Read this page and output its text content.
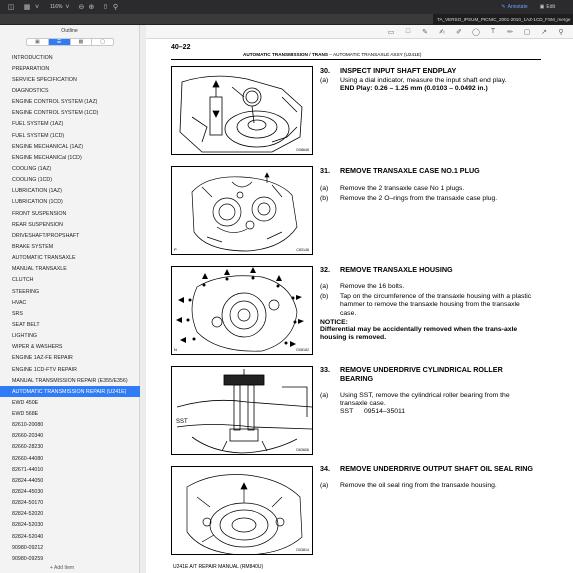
◫ ▦ ˅	116% ˅	⊖ ⊕ ⇧ ⚲	✎ Annotate ▣ Edit
TA_VERSO_IPSUM_PICNIC_2001-2010_1AZ-1CD_FSM_merge
▭ □ ✎ ✍ ✐ ◯ T ✏ ▢ ↗ ⚲
Outline
▣	☰	▩	▢
INTRODUCTION
PREPARATION
SERVICE SPECIFICATION
DIAGNOSTICS
ENGINE CONTROL SYSTEM (1AZ)
ENGINE CONTROL SYSTEM (1CD)
FUEL SYSTEM (1AZ)
FUEL SYSTEM (1CD)
ENGINE MECHANICAL (1AZ)
ENGINE MECHANICal (1CD)
COOLING (1AZ)
COOLING (1CD)
LUBRICATION (1AZ)
LUBRICATION (1CD)
FRONT SUSPENSION
REAR SUSPENSION
DRIVESHAFT/PROPSHAFT
BRAKE SYSTEM
AUTOMATIC TRANSAXLE
MANUAL TRANSAXLE
CLUTCH
STEERING
HVAC
SRS
SEAT BELT
LIGHTING
WIPER & WASHERS
ENGINE 1AZ-FE REPAIR
ENGINE 1CD-FTV REPAIR
MANUAL TRANSMISSION REPAIR (E355/E356)
AUTOMATIC TRANSMISSION REPAIR (U241E)
EWD 450E
EWD 568E
82610-20080
82660-20340
82660-28230
82660-44080
82671-44010
82824-44050
82824-45030
82824-50170
82824-52020
82824-52030
82824-52040
90980-09212
90980-09259
+ Add Item
40–22
AUTOMATIC TRANSMISSION / TRANS – AUTOMATIC TRANSAXLE ASSY (U241E)
D08646
P	C83146
N	D08182
SST
D63606
D03814
30.	INSPECT INPUT SHAFT ENDPLAY
(a)	Using a dial indicator, measure the input shaft end play.
END Play: 0.26 – 1.25 mm (0.0103 – 0.0492 in.)
31.	REMOVE TRANSAXLE CASE NO.1 PLUG
(a)	Remove the 2 transaxle case No 1 plugs.
(b)	Remove the 2 O–rings from the transaxle case plug.
32.	REMOVE TRANSAXLE HOUSING
(a)	Remove the 16 bolts.
(b)	Tap on the circumference of the transaxle housing with a plastic hammer to remove the transaxle housing from the transaxle case.
NOTICE:
Differential may be accidentally removed when the trans-axle housing is removed.
33.	REMOVE UNDERDRIVE CYLINDRICAL ROLLER BEARING
(a)	Using SST, remove the cylindrical roller bearing from the transaxle case.
SST	09514–35011
34.	REMOVE UNDERDRIVE OUTPUT SHAFT OIL SEAL RING
(a)	Remove the oil seal ring from the transaxle housing.
U241E A/T REPAIR MANUAL (RM840U)
